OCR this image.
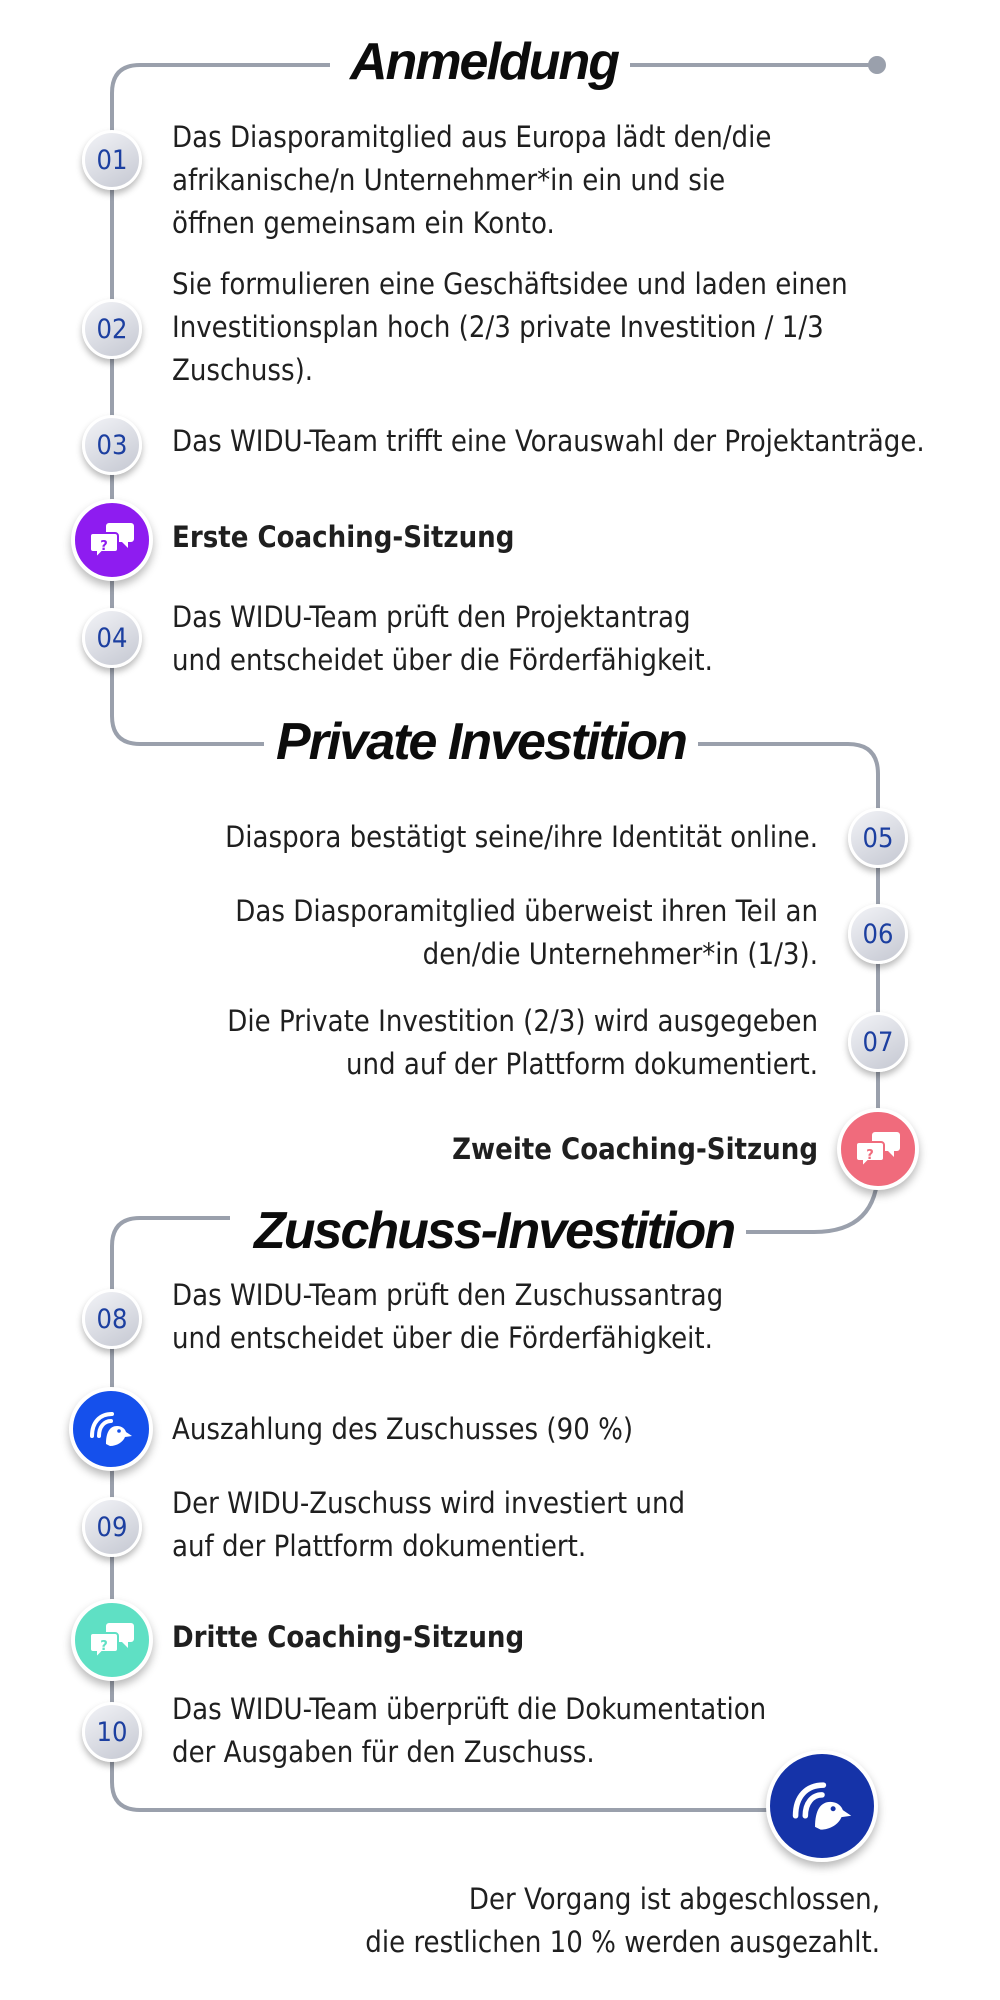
Anmeldung
Private Investition
Zuschuss-Investition
01
Das Diasporamitglied aus Europa lädt den/die
afrikanische/n Unternehmer*in ein und sie
öffnen gemeinsam ein Konto.
02
Sie formulieren eine Geschäftsidee und laden einen
Investitionsplan hoch (2/3 private Investition / 1/3
Zuschuss).
03	Das WIDU-Team trifft eine Vorauswahl der Projektanträge.
? Erste Coaching-Sitzung
04
Das WIDU-Team prüft den Projektantrag
und entscheidet über die Förderfähigkeit.
Diaspora bestätigt seine/ihre Identität online.	05
Das Diasporamitglied überweist ihren Teil an
den/die Unternehmer*in (1/3).
06
Die Private Investition (2/3) wird ausgegeben
und auf der Plattform dokumentiert.
07
Zweite Coaching-Sitzung	?
08
Das WIDU-Team prüft den Zuschussantrag
und entscheidet über die Förderfähigkeit.
Auszahlung des Zuschusses (90 %)
09
Der WIDU-Zuschuss wird investiert und
auf der Plattform dokumentiert.
? Dritte Coaching-Sitzung
10
Das WIDU-Team überprüft die Dokumentation
der Ausgaben für den Zuschuss.
Der Vorgang ist abgeschlossen,
die restlichen 10 % werden ausgezahlt.
